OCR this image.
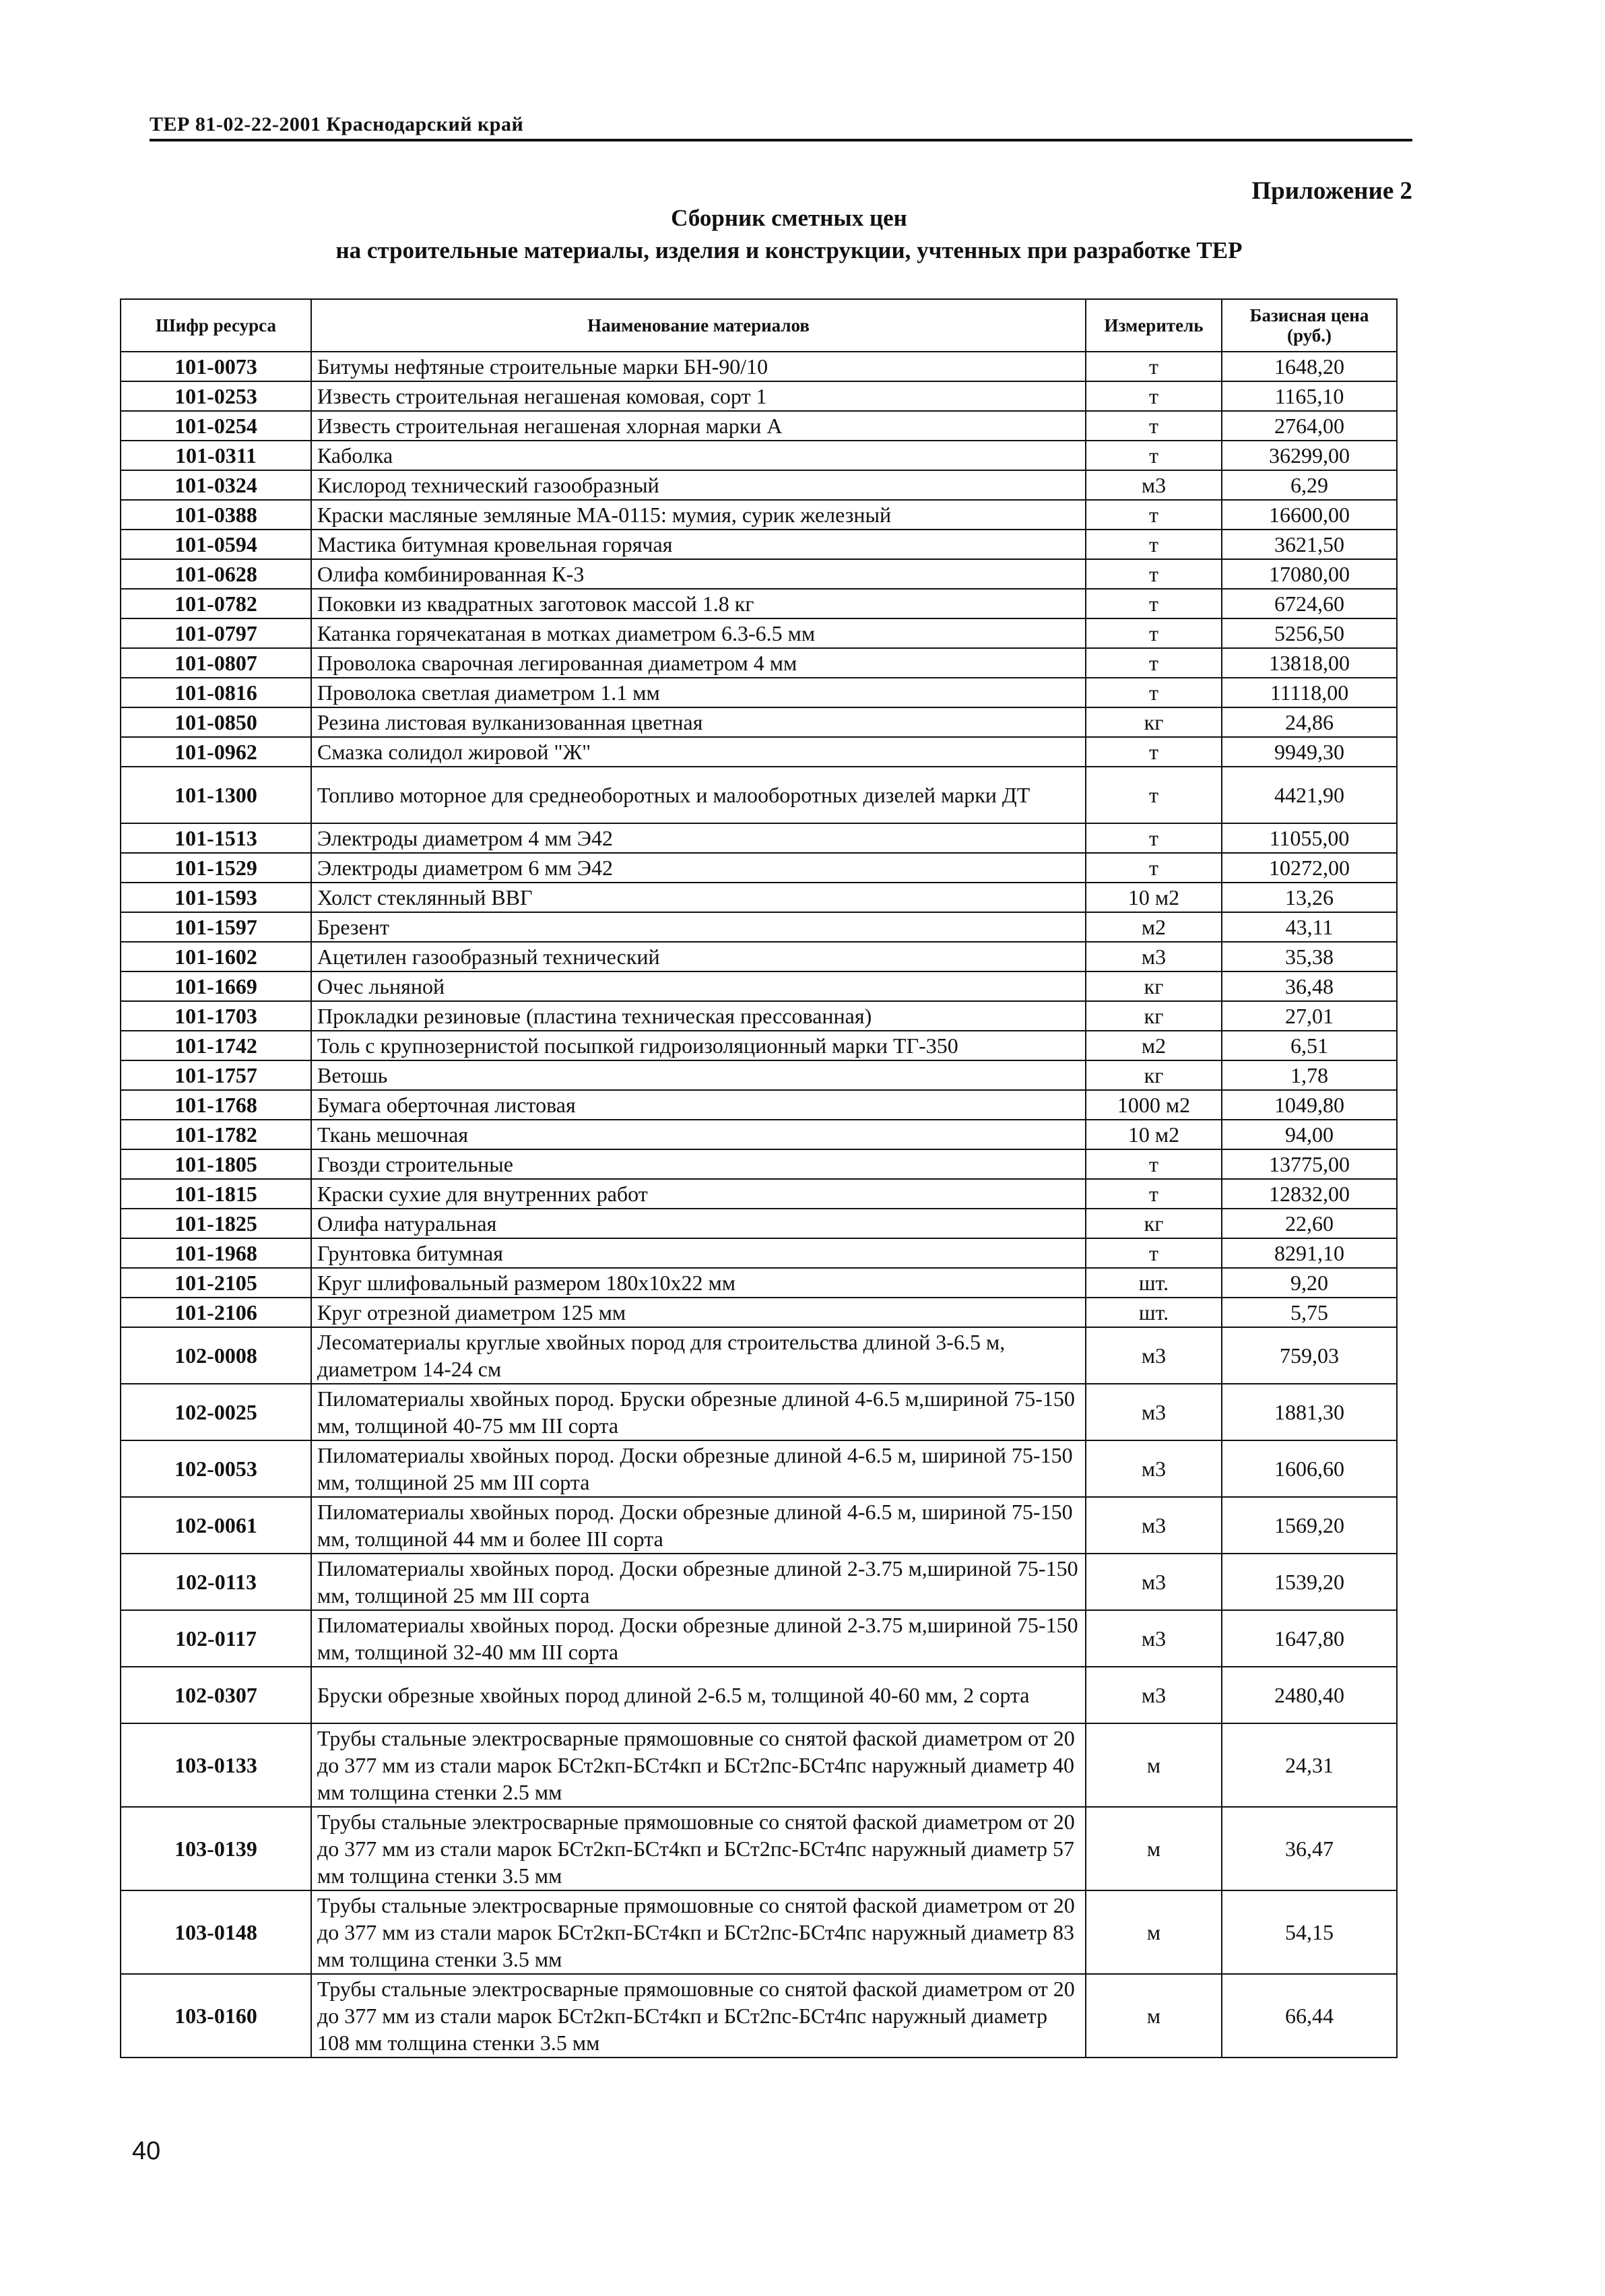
ТЕР 81-02-22-2001 Краснодарский край
Приложение 2
Сборник сметных цен
на строительные материалы, изделия и конструкции, учтенных при разработке ТЕР
Шифр ресурса	Наименование материалов	Измеритель	Базисная цена (руб.)
101-0073	Битумы нефтяные строительные марки БН-90/10	т	1648,20
101-0253	Известь строительная негашеная комовая, сорт 1	т	1165,10
101-0254	Известь строительная негашеная хлорная марки А	т	2764,00
101-0311	Каболка	т	36299,00
101-0324	Кислород технический газообразный	м3	6,29
101-0388	Краски масляные земляные МА-0115: мумия, сурик железный	т	16600,00
101-0594	Мастика битумная кровельная горячая	т	3621,50
101-0628	Олифа комбинированная К-3	т	17080,00
101-0782	Поковки из квадратных заготовок массой 1.8 кг	т	6724,60
101-0797	Катанка горячекатаная в мотках диаметром 6.3-6.5 мм	т	5256,50
101-0807	Проволока сварочная легированная диаметром 4 мм	т	13818,00
101-0816	Проволока светлая диаметром 1.1 мм	т	11118,00
101-0850	Резина листовая вулканизованная цветная	кг	24,86
101-0962	Смазка солидол жировой "Ж"	т	9949,30
101-1300	Топливо моторное для среднеоборотных и малооборотных дизелей марки ДТ	т	4421,90
101-1513	Электроды диаметром 4 мм Э42	т	11055,00
101-1529	Электроды диаметром 6 мм Э42	т	10272,00
101-1593	Холст стеклянный ВВГ	10 м2	13,26
101-1597	Брезент	м2	43,11
101-1602	Ацетилен газообразный технический	м3	35,38
101-1669	Очес льняной	кг	36,48
101-1703	Прокладки резиновые (пластина техническая прессованная)	кг	27,01
101-1742	Толь с крупнозернистой посыпкой гидроизоляционный марки ТГ-350	м2	6,51
101-1757	Ветошь	кг	1,78
101-1768	Бумага оберточная листовая	1000 м2	1049,80
101-1782	Ткань мешочная	10 м2	94,00
101-1805	Гвозди строительные	т	13775,00
101-1815	Краски сухие для внутренних работ	т	12832,00
101-1825	Олифа натуральная	кг	22,60
101-1968	Грунтовка битумная	т	8291,10
101-2105	Круг шлифовальный размером 180х10х22 мм	шт.	9,20
101-2106	Круг отрезной диаметром 125 мм	шт.	5,75
102-0008	Лесоматериалы круглые хвойных пород для строительства длиной 3-6.5 м, диаметром 14-24 см	м3	759,03
102-0025	Пиломатериалы хвойных пород. Бруски обрезные длиной 4-6.5 м,шириной 75-150 мм, толщиной 40-75 мм III сорта	м3	1881,30
102-0053	Пиломатериалы хвойных пород. Доски обрезные длиной 4-6.5 м, шириной 75-150 мм, толщиной 25 мм III сорта	м3	1606,60
102-0061	Пиломатериалы хвойных пород. Доски обрезные длиной 4-6.5 м, шириной 75-150 мм, толщиной 44 мм и более III сорта	м3	1569,20
102-0113	Пиломатериалы хвойных пород. Доски обрезные длиной 2-3.75 м,шириной 75-150 мм, толщиной 25 мм III сорта	м3	1539,20
102-0117	Пиломатериалы хвойных пород. Доски обрезные длиной 2-3.75 м,шириной 75-150 мм, толщиной 32-40 мм III сорта	м3	1647,80
102-0307	Бруски обрезные хвойных пород длиной 2-6.5 м, толщиной 40-60 мм, 2 сорта	м3	2480,40
103-0133	Трубы стальные электросварные прямошовные со снятой фаской диаметром от 20 до 377 мм из стали марок БСт2кп-БСт4кп и БСт2пс-БСт4пс наружный диаметр 40 мм толщина стенки 2.5 мм	м	24,31
103-0139	Трубы стальные электросварные прямошовные со снятой фаской диаметром от 20 до 377 мм из стали марок БСт2кп-БСт4кп и БСт2пс-БСт4пс наружный диаметр 57 мм толщина стенки 3.5 мм	м	36,47
103-0148	Трубы стальные электросварные прямошовные со снятой фаской диаметром от 20 до 377 мм из стали марок БСт2кп-БСт4кп и БСт2пс-БСт4пс наружный диаметр 83 мм толщина стенки 3.5 мм	м	54,15
103-0160	Трубы стальные электросварные прямошовные со снятой фаской диаметром от 20 до 377 мм из стали марок БСт2кп-БСт4кп и БСт2пс-БСт4пс наружный диаметр 108 мм толщина стенки 3.5 мм	м	66,44
40
